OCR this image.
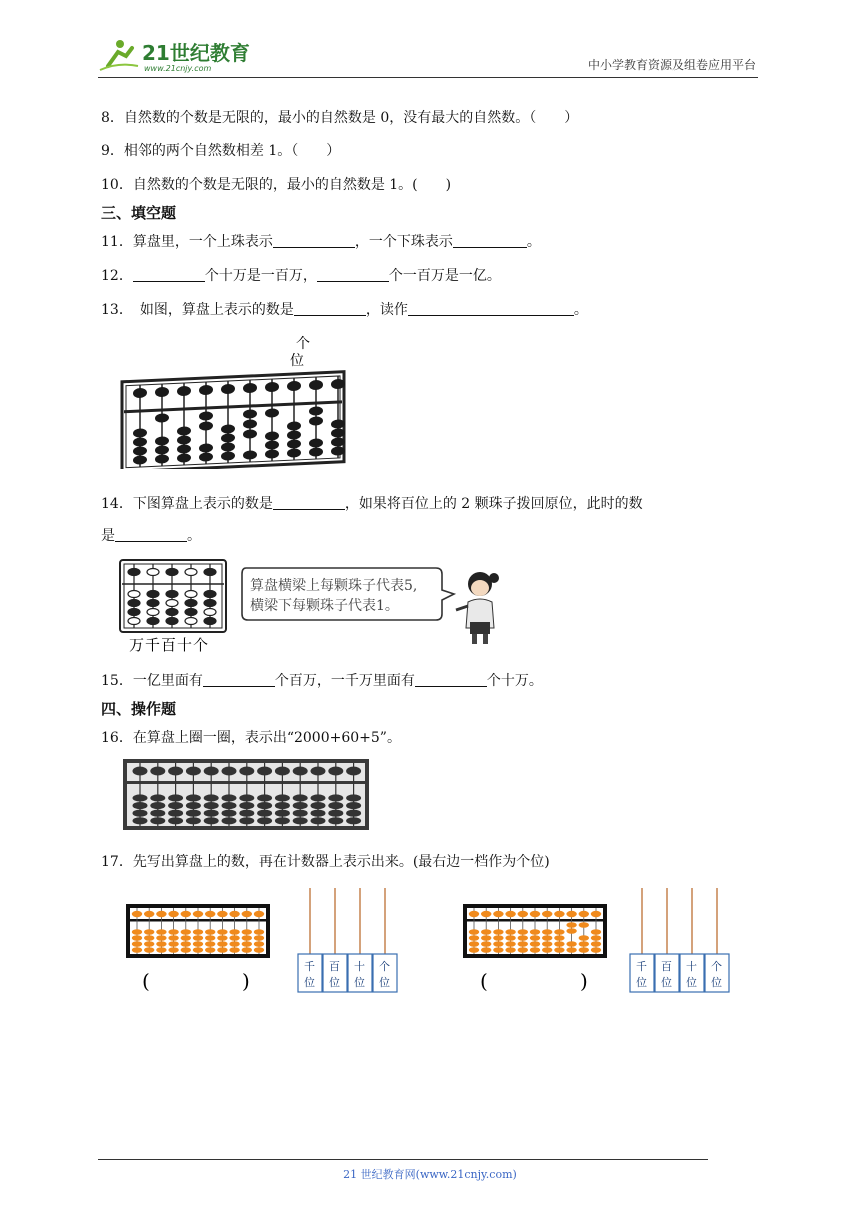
21世纪教育
www.21cnjy.com	中小学教育资源及组卷应用平台
8．自然数的个数是无限的，最小的自然数是 0，没有最大的自然数。（　　）
9．相邻的两个自然数相差 1。（　　）
10．自然数的个数是无限的，最小的自然数是 1。(　　)
三、填空题
11．算盘里，一个上珠表示	，一个下珠表示	。
12．	个十万是一百万，	个一百万是一亿。
13．　如图，算盘上表示的数是	，读作	。
个
位
14．下图算盘上表示的数是	，如果将百位上的 2 颗珠子拨回原位，此时的数
是	。
万千百十个
算盘横梁上每颗珠子代表5,
横梁下每颗珠子代表1。
15．一亿里面有	个百万，一千万里面有	个十万。
四、操作题
16．在算盘上圈一圈，表示出“2000+60+5”。
17．先写出算盘上的数，再在计数器上表示出来。(最右边一档作为个位)
(	)
千
位
百
位
十
位
个
位	(	)
千
位
百
位
十
位
个
位
21 世纪教育网(www.21cnjy.com)
